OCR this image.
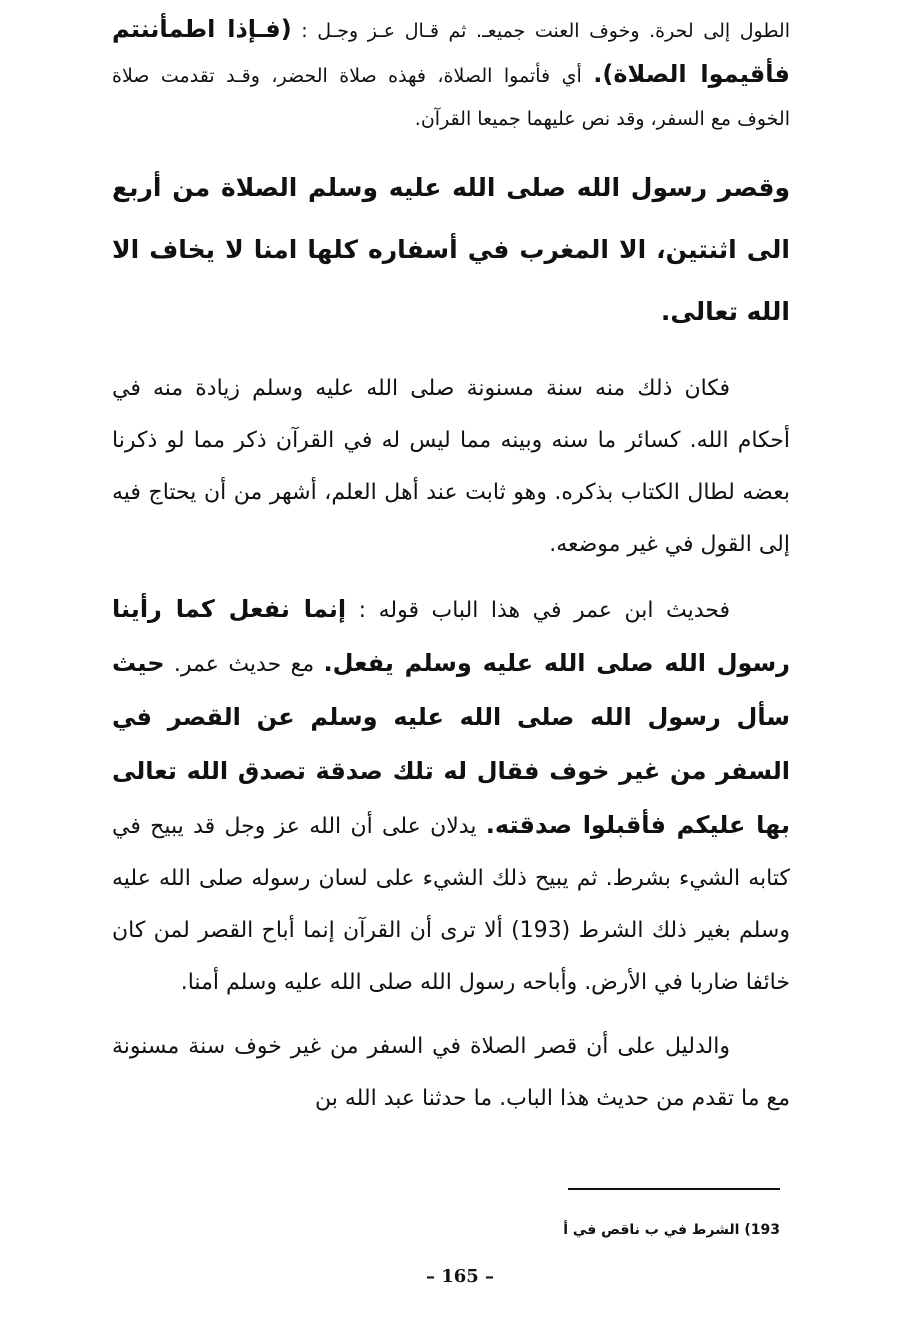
الطول إلى لحرة. وخوف العنت جميعـ. ثم قـال عـز وجـل : (فـإذا اطمأننتم فأقيموا الصلاة). أي فأتموا الصلاة، فهذه صلاة الحضر، وقـد تقدمت صلاة الخوف مع السفر، وقد نص عليهما جميعا القرآن.

وقصر رسول الله صلى الله عليه وسلم الصلاة من أربع الى اثنتين، الا المغرب في أسفاره كلها امنا لا يخاف الا الله تعالى.

فكان ذلك منه سنة مسنونة صلى الله عليه وسلم زيادة منه في أحكام الله. كسائر ما سنه وبينه مما ليس له في القرآن ذكر مما لو ذكرنا بعضه لطال الكتاب بذكره. وهو ثابت عند أهل العلم، أشهر من أن يحتاج فيه إلى القول في غير موضعه.

فحديث ابن عمر في هذا الباب قوله : إنما نفعل كما رأينا رسول الله صلى الله عليه وسلم يفعل. مع حديث عمر. حيث سأل رسول الله صلى الله عليه وسلم عن القصر في السفر من غير خوف فقال له تلك صدقة تصدق الله تعالى بها عليكم فأقبلوا صدقته. يدلان على أن الله عز وجل قد يبيح في كتابه الشيء بشرط. ثم يبيح ذلك الشيء على لسان رسوله صلى الله عليه وسلم بغير ذلك الشرط (193) ألا ترى أن القرآن إنما أباح القصر لمن كان خائفا ضاربا في الأرض. وأباحه رسول الله صلى الله عليه وسلم أمنا.

والدليل على أن قصر الصلاة في السفر من غير خوف سنة مسنونة مع ما تقدم من حديث هذا الباب. ما حدثنا عبد الله بن

193) الشرط في ب ناقص في أ
– 165 –
